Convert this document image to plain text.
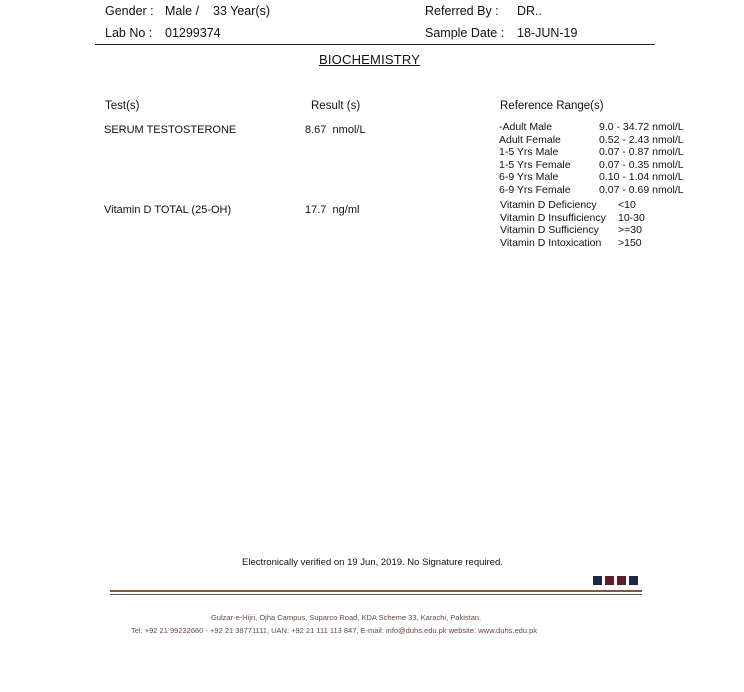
Gender : Male / 33 Year(s)	Referred By : DR..
Lab No : 01299374	Sample Date : 18-JUN-19
BIOCHEMISTRY
Test(s)	Result (s)	Reference Range(s)
SERUM TESTOSTERONE	8.67 nmol/L	-Adult Male	9.0 - 34.72 nmol/L
Adult Female	0.52 - 2.43 nmol/L
1-5 Yrs Male	0.07 - 0.87 nmol/L
1-5 Yrs Female	0.07 - 0.35 nmol/L
6-9 Yrs Male	0.10 - 1.04 nmol/L
6-9 Yrs Female	0.07 - 0.69 nmol/L
Vitamin D TOTAL (25-OH)	17.7 ng/ml	Vitamin D Deficiency	<10
Vitamin D Insufficiency	10-30
Vitamin D Sufficiency	>=30
Vitamin D Intoxication	>150
Electronically verified on 19 Jun, 2019. No Signature required.
Gulzar-e-Hijri, Ojha Campus, Suparco Road, KDA Scheme 33, Karachi, Pakistan.
Tel: +92 21 99232660 - +92 21 38771111, UAN: +92 21 111 113 847, E-mail: info@duhs.edu.pk website: www.duhs.edu.pk
